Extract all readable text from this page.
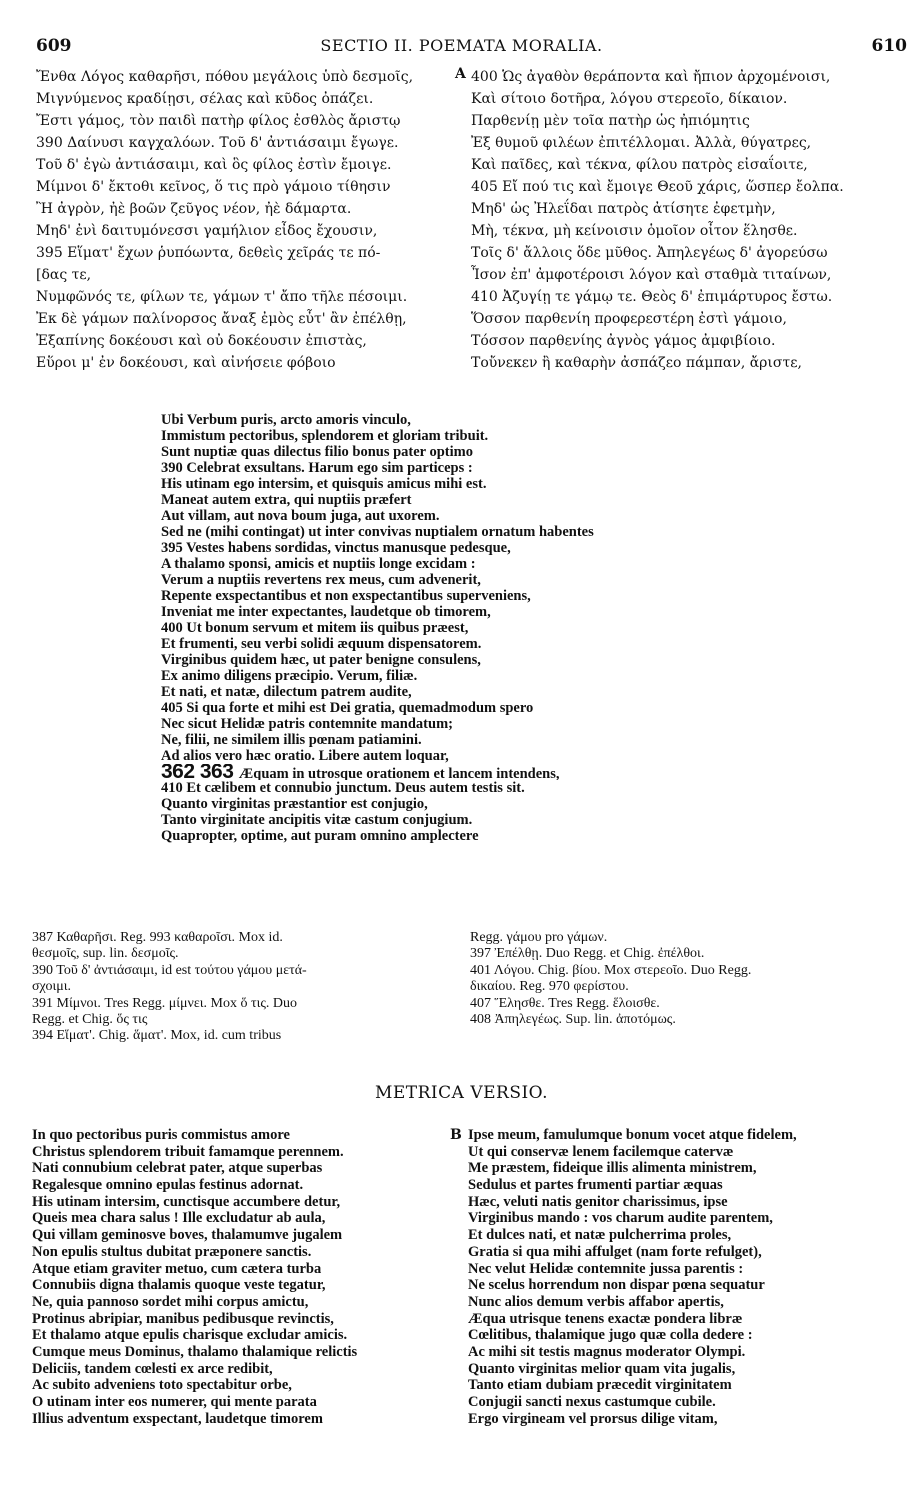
609	SECTIO II. POEMATA MORALIA.	610
Ἔνθα Λόγος καθαρῆσι, πόθου μεγάλοις ὑπὸ δεσμοῖς,
Μιγνύμενος κραδίῃσι, σέλας καὶ κῦδος ὀπάζει.
Ἔστι γάμος, τὸν παιδὶ πατὴρ φίλος ἐσθλὸς ἄριστῳ
390 Δαίνυσι καγχαλόων. Τοῦ δ' ἀντιάσαιμι ἔγωγε.
Τοῦ δ' ἐγὼ ἀντιάσαιμι, καὶ ὃς φίλος ἐστὶν ἔμοιγε.
Μίμνοι δ' ἔκτοθι κεῖνος, ὅ τις πρὸ γάμοιο τίθησιν
Ἢ ἀγρὸν, ἠὲ βοῶν ζεῦγος νέον, ἠὲ δάμαρτα.
Μηδ' ἐνὶ δαιτυμόνεσσι γαμήλιον εἶδος ἔχουσιν,
395 Εἵματ' ἔχων ῥυπόωντα, δεθεὶς χεῖράς τε πό-
[δας τε,
Νυμφῶνός τε, φίλων τε, γάμων τ' ἄπο τῆλε πέσοιμι.
Ἐκ δὲ γάμων παλίνορσος ἄναξ ἐμὸς εὖτ' ἂν ἐπέλθῃ,
Ἐξαπίνης δοκέουσι καὶ οὐ δοκέουσιν ἐπιστὰς,
Εὕροι μ' ἐν δοκέουσι, καὶ αἰνήσειε φόβοιο
A 400 Ὡς ἀγαθὸν θεράποντα καὶ ἤπιον ἀρχομένοισι,
Καὶ σίτοιο δοτῆρα, λόγου στερεοῖο, δίκαιον.
Παρθενίῃ μὲν τοῖα πατὴρ ὡς ἠπιόμητις
Ἐξ θυμοῦ φιλέων ἐπιτέλλομαι. Ἀλλὰ, θύγατρες,
Καὶ παῖδες, καὶ τέκνα, φίλου πατρὸς εἰσαΐοιτε,
405 Εἴ πού τις καὶ ἔμοιγε Θεοῦ χάρις, ὥσπερ ἔολπα.
Μηδ' ὡς Ἠλεΐδαι πατρὸς ἀτίσητε ἐφετμὴν,
Μὴ, τέκνα, μὴ κείνοισιν ὁμοῖον οἶτον ἕλησθε.
Τοῖς δ' ἄλλοις ὅδε μῦθος. Ἀπηλεγέως δ' ἀγορεύσω
Ἶσον ἐπ' ἀμφοτέροισι λόγον καὶ σταθμὰ τιταίνων,
410 Ἀζυγίῃ τε γάμῳ τε. Θεὸς δ' ἐπιμάρτυρος ἔστω.
Ὅσσον παρθενίη προφερεστέρη ἐστὶ γάμοιο,
Τόσσον παρθενίης ἀγνὸς γάμος ἀμφιβίοιο.
Τοὔνεκεν ἢ καθαρὴν ἀσπάζεο πάμπαν, ἄριστε,
Ubi Verbum puris, arcto amoris vinculo,
Immistum pectoribus, splendorem et gloriam tribuit.
Sunt nuptiæ quas dilectus filio bonus pater optimo
390 Celebrat exsultans. Harum ego sim particeps :
His utinam ego intersim, et quisquis amicus mihi est.
Maneat autem extra, qui nuptiis præfert
Aut villam, aut nova boum juga, aut uxorem.
Sed ne (mihi contingat) ut inter convivas nuptialem ornatum habentes
395 Vestes habens sordidas, vinctus manusque pedesque,
A thalamo sponsi, amicis et nuptiis longe excidam :
Verum a nuptiis revertens rex meus, cum advenerit,
Repente exspectantibus et non exspectantibus superveniens,
Inveniat me inter expectantes, laudetque ob timorem,
400 Ut bonum servum et mitem iis quibus præest,
Et frumenti, seu verbi solidi æquum dispensatorem.
Virginibus quidem hæc, ut pater benigne consulens,
Ex animo diligens præcipio. Verum, filiæ.
Et nati, et natæ, dilectum patrem audite,
405 Si qua forte et mihi est Dei gratia, quemadmodum spero
Nec sicut Helidæ patris contemnite mandatum;
Ne, filii, ne similem illis pœnam patiamini.
Ad alios vero hæc oratio. Libere autem loquar,
362 363 Æquam in utrosque orationem et lancem intendens,
410 Et cælibem et connubio junctum. Deus autem testis sit.
Quanto virginitas præstantior est conjugio,
Tanto virginitate ancipitis vitæ castum conjugium.
Quapropter, optime, aut puram omnino amplectere
387 Καθαρῆσι. Reg. 993 καθαροῖσι. Mox id.
θεσμοῖς, sup. lin. δεσμοῖς.
390 Τοῦ δ' ἀντιάσαιμι, id est τούτου γάμου μετά-
σχοιμι.
391 Μίμνοι. Tres Regg. μίμνει. Mox ὅ τις. Duo
Regg. et Chig. ὅς τις
394 Εἵματ'. Chig. ἅματ'. Mox, id. cum tribus
Regg. γάμου pro γάμων.
397 Ἐπέλθῃ. Duo Regg. et Chig. ἐπέλθοι.
401 Λόγου. Chig. βίου. Mox στερεοῖο. Duo Regg.
δικαίου. Reg. 970 φερίστου.
407 Ἕλησθε. Tres Regg. ἕλοισθε.
408 Ἀπηλεγέως. Sup. lin. ἀποτόμως.
METRICA VERSIO.
In quo pectoribus puris commistus amore
Christus splendorem tribuit famamque perennem.
Nati connubium celebrat pater, atque superbas
Regalesque omnino epulas festinus adornat.
His utinam intersim, cunctisque accumbere detur,
Queis mea chara salus ! Ille excludatur ab aula,
Qui villam geminosve boves, thalamumve jugalem
Non epulis stultus dubitat præponere sanctis.
Atque etiam graviter metuo, cum cætera turba
Connubiis digna thalamis quoque veste tegatur,
Ne, quia pannoso sordet mihi corpus amictu,
Protinus abripiar, manibus pedibusque revinctis,
Et thalamo atque epulis charisque excludar amicis.
Cumque meus Dominus, thalamo thalamique relictis
Deliciis, tandem cœlesti ex arce redibit,
Ac subito adveniens toto spectabitur orbe,
O utinam inter eos numerer, qui mente parata
Illius adventum exspectant, laudetque timorem
B Ipse meum, famulumque bonum vocet atque fidelem,
Ut qui conservæ lenem facilemque catervæ
Me præstem, fideique illis alimenta ministrem,
Sedulus et partes frumenti partiar æquas
Hæc, veluti natis genitor charissimus, ipse
Virginibus mando : vos charum audite parentem,
Et dulces nati, et natæ pulcherrima proles,
Gratia si qua mihi affulget (nam forte refulget),
Nec velut Helidæ contemnite jussa parentis :
Ne scelus horrendum non dispar pœna sequatur
Nunc alios demum verbis affabor apertis,
Æqua utrisque tenens exactæ pondera libræ
Cœlitibus, thalamique jugo quæ colla dedere :
Ac mihi sit testis magnus moderator Olympi.
Quanto virginitas melior quam vita jugalis,
Tanto etiam dubiam præcedit virginitatem
Conjugii sancti nexus castumque cubile.
Ergo virgineam vel prorsus dilige vitam,
